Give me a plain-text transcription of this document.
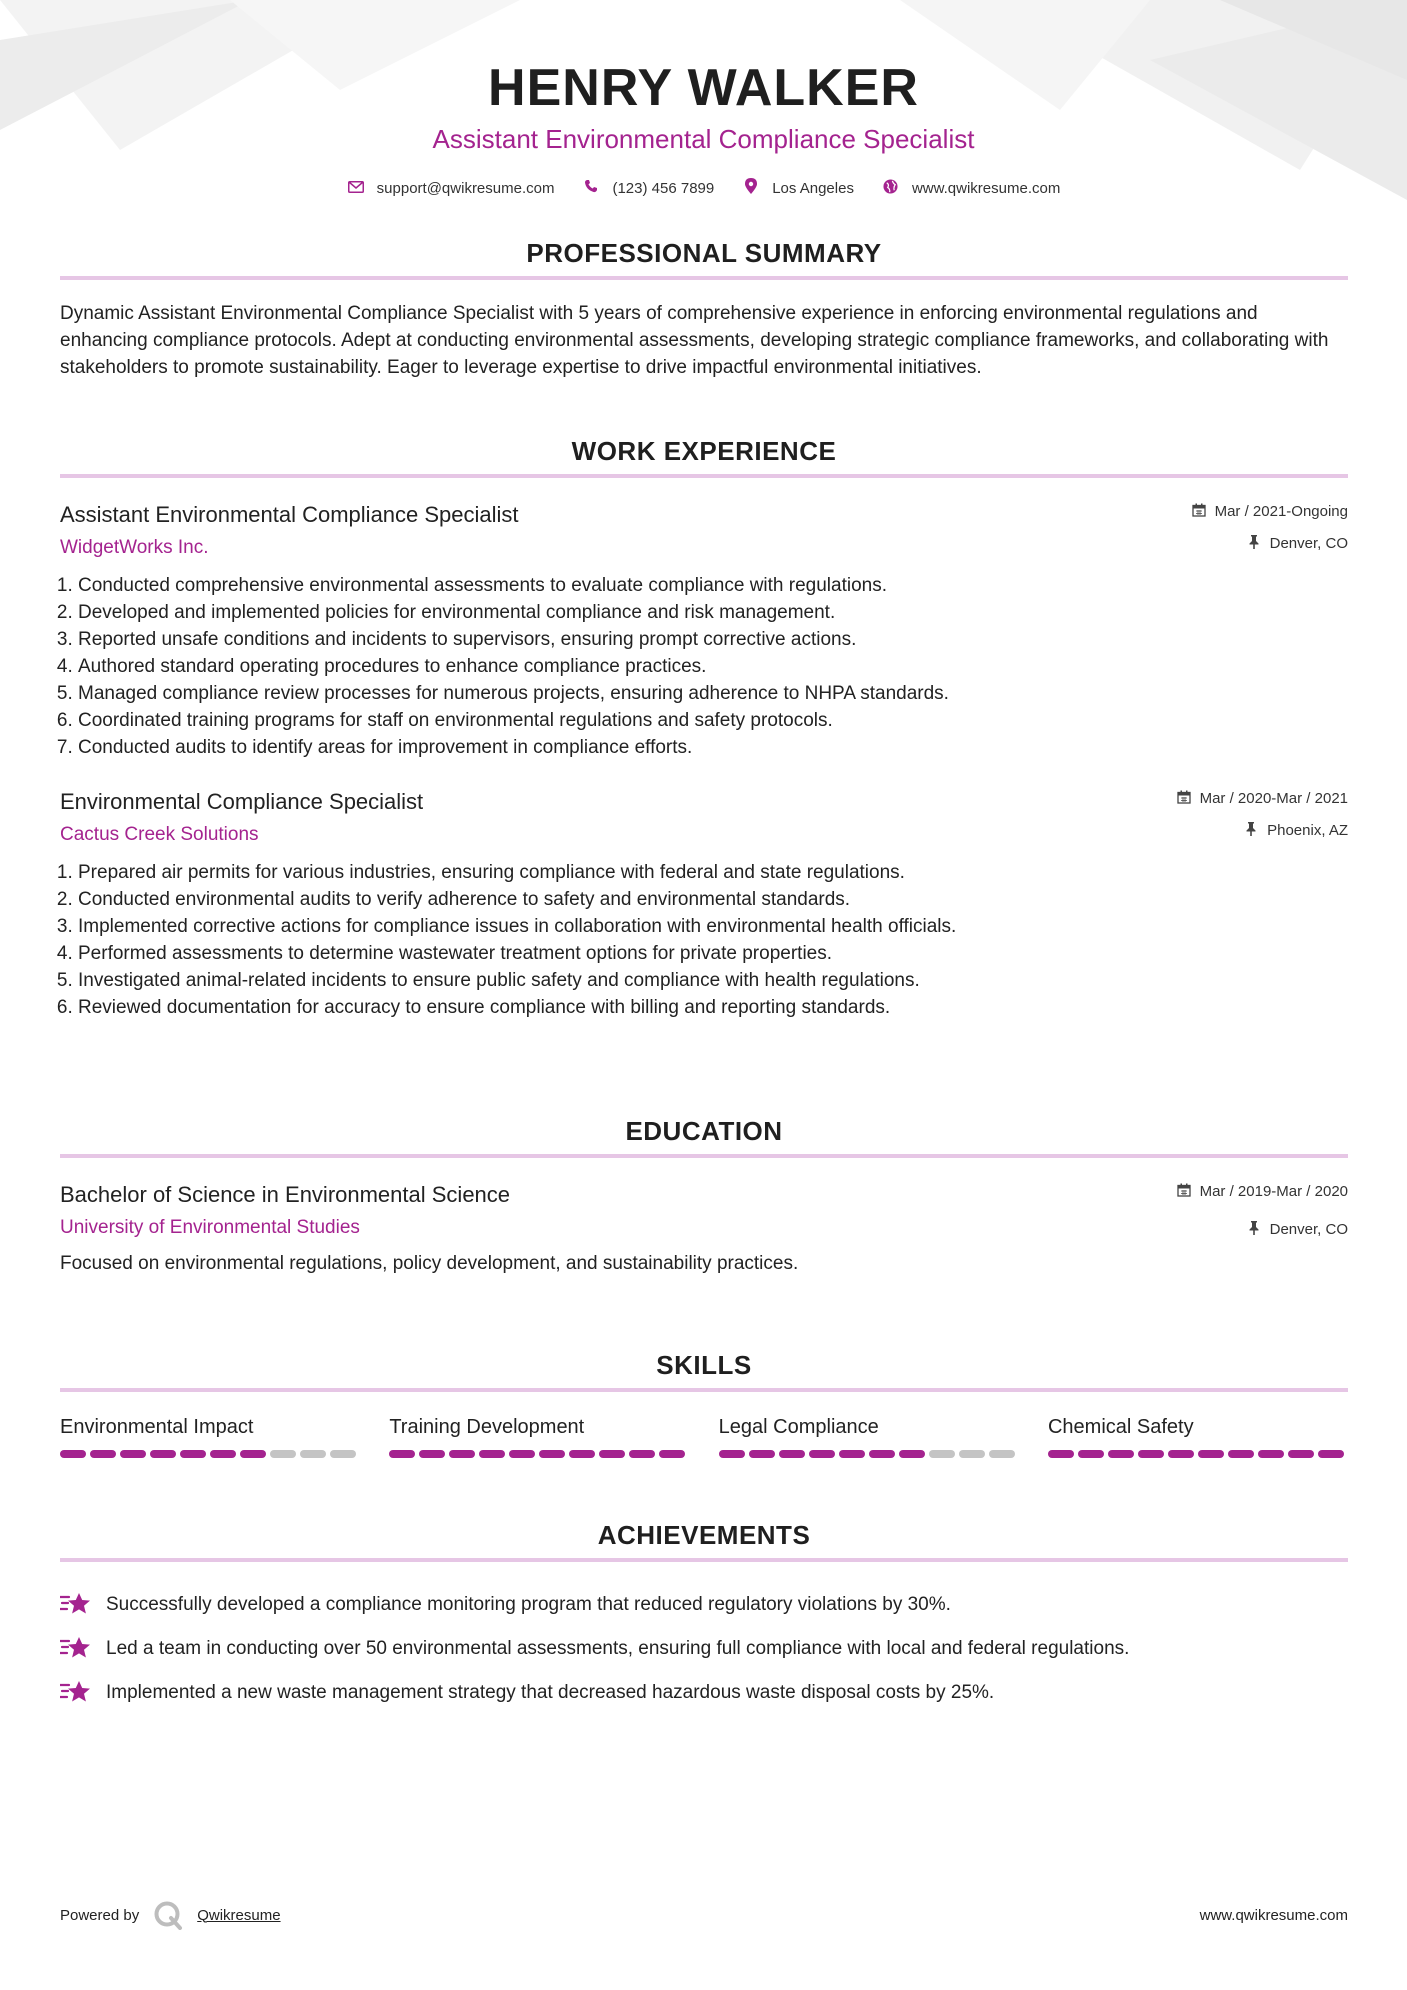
HENRY WALKER
Assistant Environmental Compliance Specialist
support@qwikresume.com	(123) 456 7899	Los Angeles	www.qwikresume.com
PROFESSIONAL SUMMARY
Dynamic Assistant Environmental Compliance Specialist with 5 years of comprehensive experience in enforcing environmental regulations and enhancing compliance protocols. Adept at conducting environmental assessments, developing strategic compliance frameworks, and collaborating with stakeholders to promote sustainability. Eager to leverage expertise to drive impactful environmental initiatives.
WORK EXPERIENCE
Assistant Environmental Compliance Specialist
WidgetWorks Inc.
Mar / 2021-Ongoing
Denver, CO
1. Conducted comprehensive environmental assessments to evaluate compliance with regulations.
2. Developed and implemented policies for environmental compliance and risk management.
3. Reported unsafe conditions and incidents to supervisors, ensuring prompt corrective actions.
4. Authored standard operating procedures to enhance compliance practices.
5. Managed compliance review processes for numerous projects, ensuring adherence to NHPA standards.
6. Coordinated training programs for staff on environmental regulations and safety protocols.
7. Conducted audits to identify areas for improvement in compliance efforts.
Environmental Compliance Specialist
Cactus Creek Solutions
Mar / 2020-Mar / 2021
Phoenix, AZ
1. Prepared air permits for various industries, ensuring compliance with federal and state regulations.
2. Conducted environmental audits to verify adherence to safety and environmental standards.
3. Implemented corrective actions for compliance issues in collaboration with environmental health officials.
4. Performed assessments to determine wastewater treatment options for private properties.
5. Investigated animal-related incidents to ensure public safety and compliance with health regulations.
6. Reviewed documentation for accuracy to ensure compliance with billing and reporting standards.
EDUCATION
Bachelor of Science in Environmental Science
University of Environmental Studies
Mar / 2019-Mar / 2020
Denver, CO
Focused on environmental regulations, policy development, and sustainability practices.
SKILLS
Environmental Impact	Training Development	Legal Compliance	Chemical Safety
ACHIEVEMENTS
Successfully developed a compliance monitoring program that reduced regulatory violations by 30%.
Led a team in conducting over 50 environmental assessments, ensuring full compliance with local and federal regulations.
Implemented a new waste management strategy that decreased hazardous waste disposal costs by 25%.
Powered by	Qwikresume	www.qwikresume.com
